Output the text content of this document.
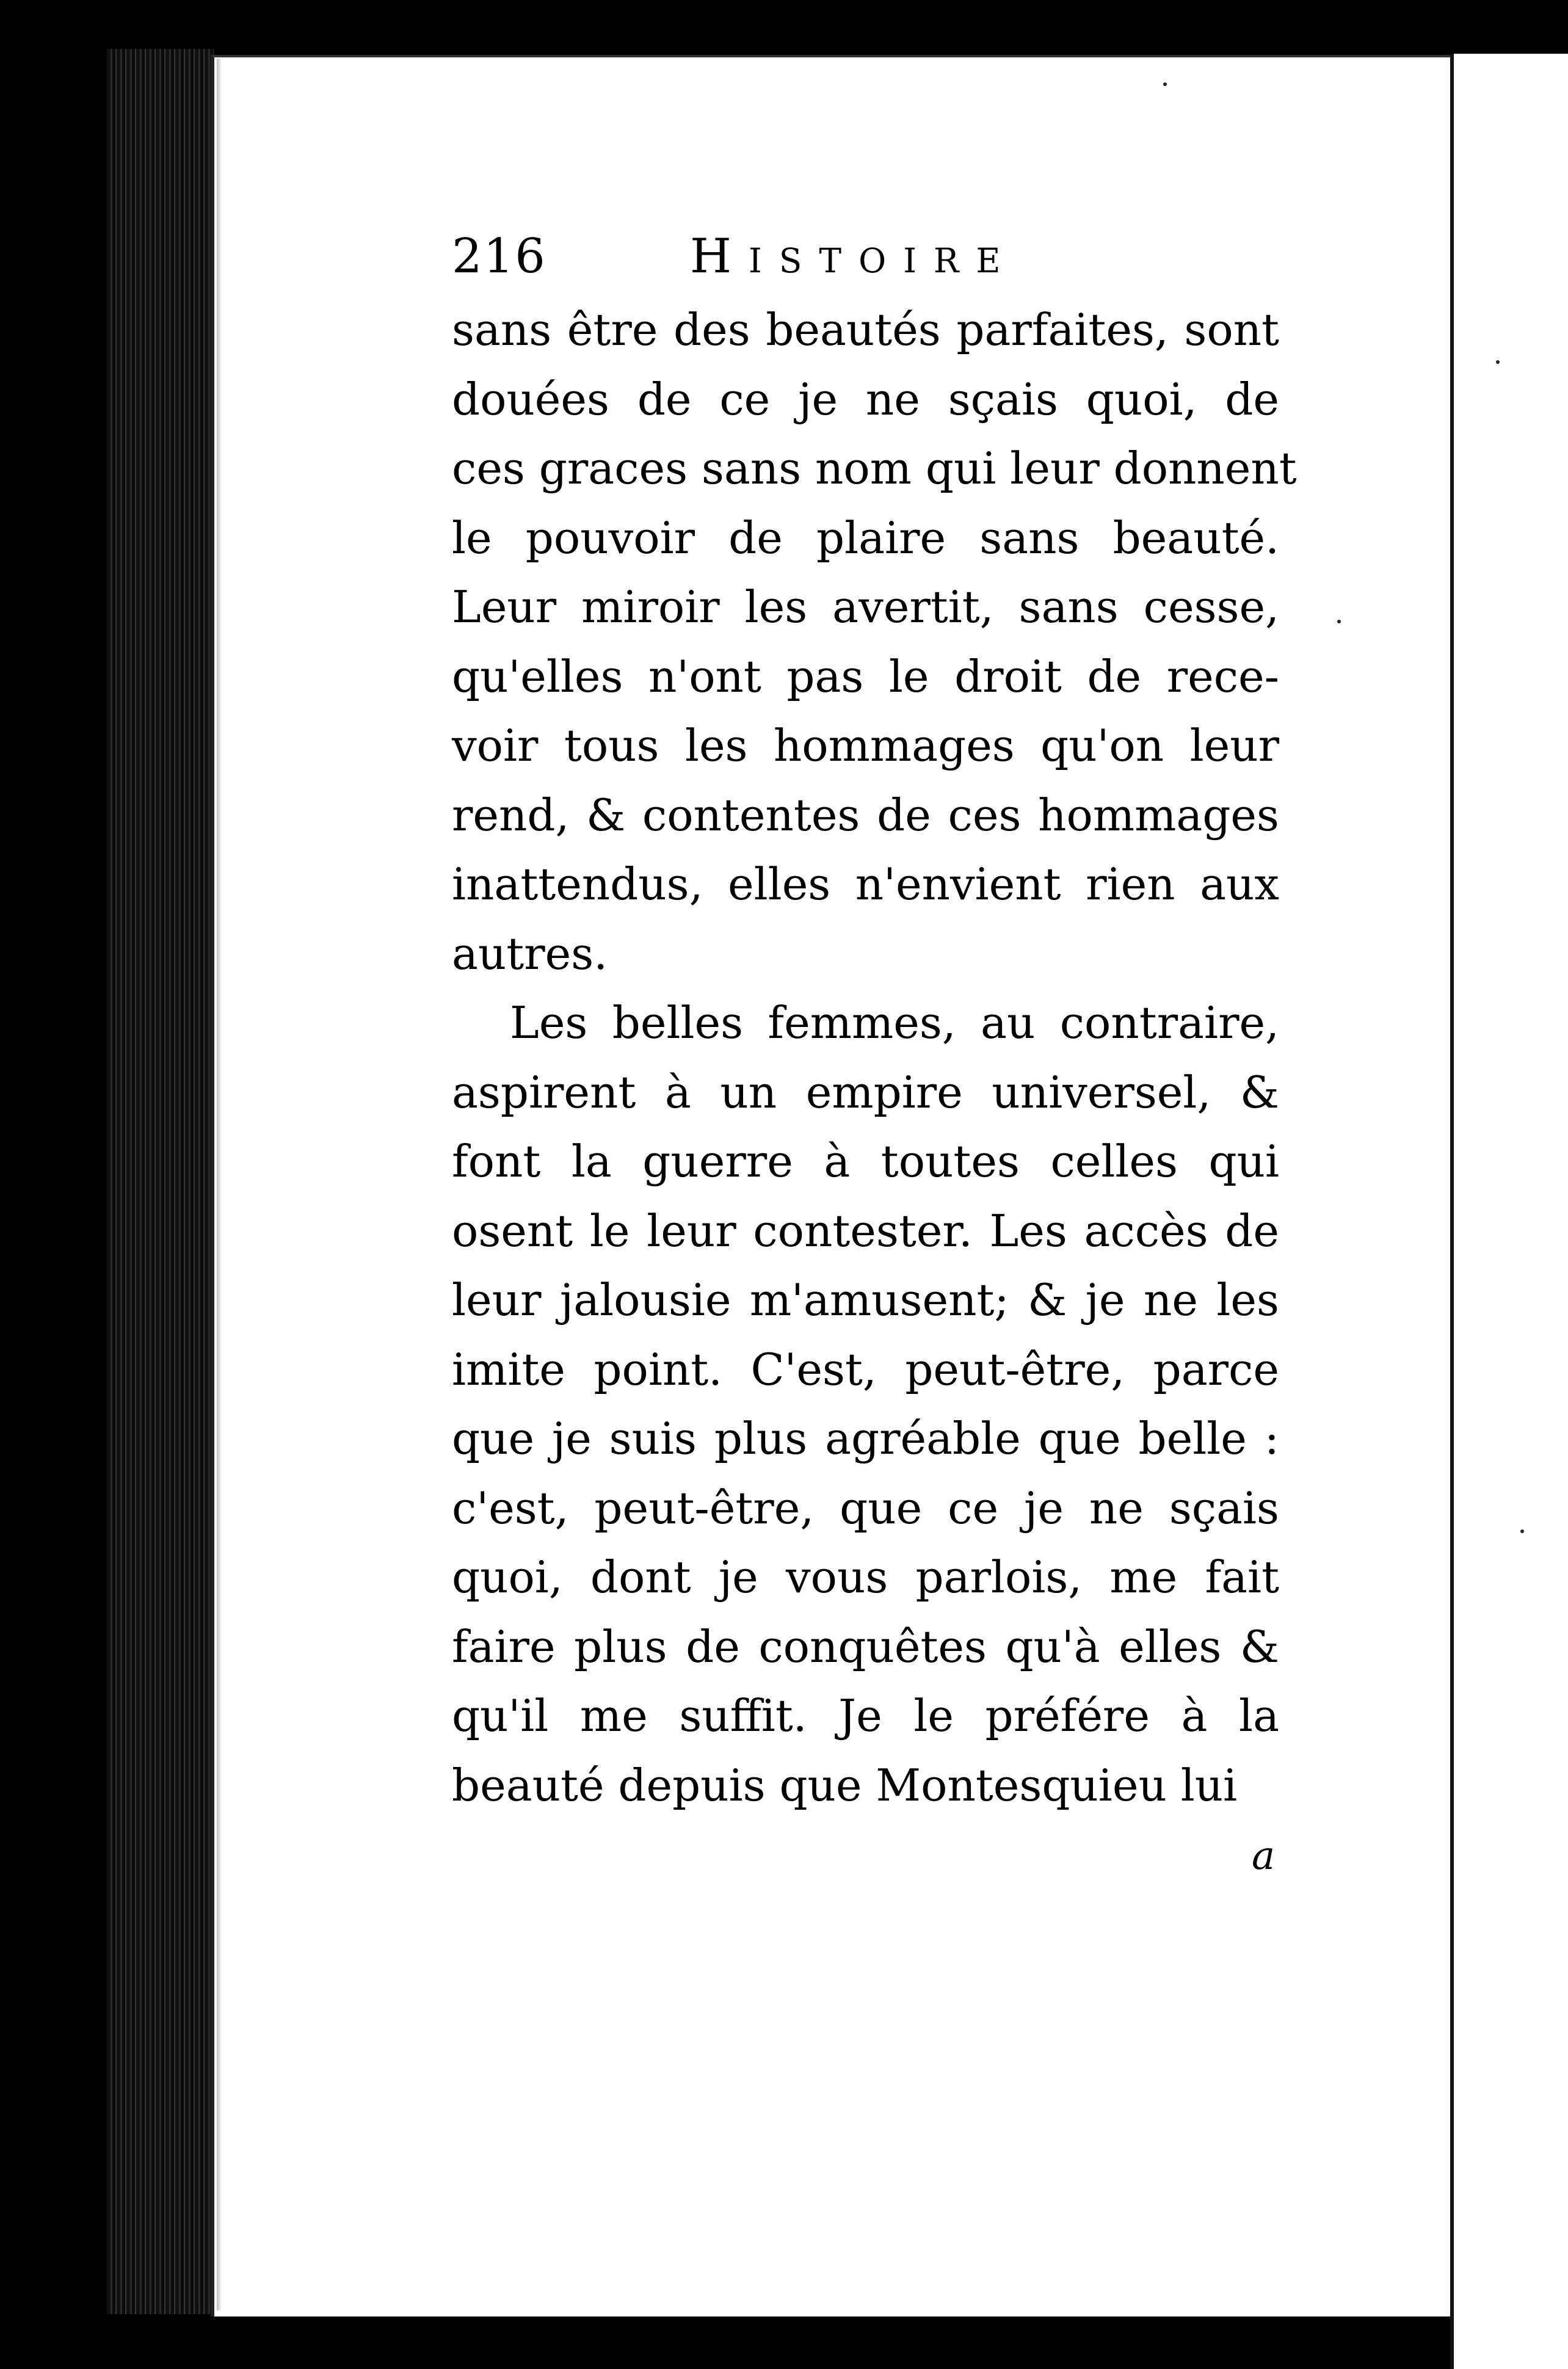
216	Histoire
sans être des beautés parfaites, sont
douées de ce je ne sçais quoi, de
ces graces sans nom qui leur donnent
le pouvoir de plaire sans beauté.
Leur miroir les avertit, sans cesse,
qu'elles n'ont pas le droit de rece-
voir tous les hommages qu'on leur
rend, & contentes de ces hommages
inattendus, elles n'envient rien aux
autres.
Les belles femmes, au contraire,
aspirent à un empire universel, &
font la guerre à toutes celles qui
osent le leur contester. Les accès de
leur jalousie m'amusent; & je ne les
imite point. C'est, peut-être, parce
que je suis plus agréable que belle :
c'est, peut-être, que ce je ne sçais
quoi, dont je vous parlois, me fait
faire plus de conquêtes qu'à elles &
qu'il me suffit. Je le préfére à la
beauté depuis que Montesquieu lui
a
